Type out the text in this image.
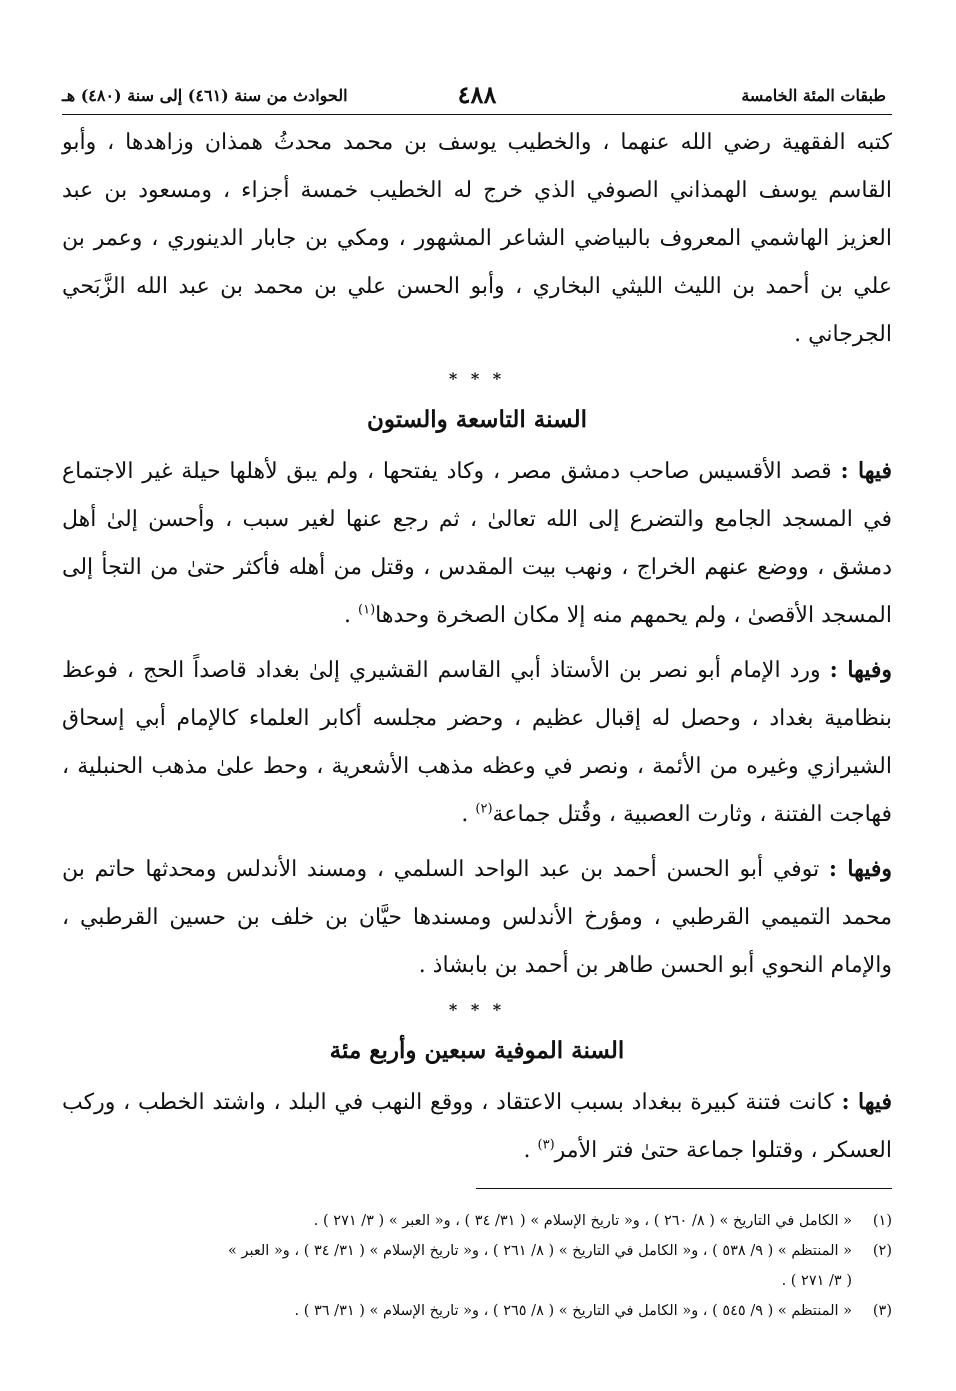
طبقات المئة الخامسة
٤٨٨
الحوادث من سنة (٤٦١) إلى سنة (٤٨٠) هـ

كتبه الفقهية رضي الله عنهما ، والخطيب يوسف بن محمد محدثُ همذان وزاهدها ، وأبو القاسم يوسف الهمذاني الصوفي الذي خرج له الخطيب خمسة أجزاء ، ومسعود بن عبد العزيز الهاشمي المعروف بالبياضي الشاعر المشهور ، ومكي بن جابار الدينوري ، وعمر بن علي بن أحمد بن الليث الليثي البخاري ، وأبو الحسن علي بن محمد بن عبد الله الزَّبَحي الجرجاني .

* * *
السنة التاسعة والستون

فيها : قصد الأقسيس صاحب دمشق مصر ، وكاد يفتحها ، ولم يبق لأهلها حيلة غير الاجتماع في المسجد الجامع والتضرع إلى الله تعالىٰ ، ثم رجع عنها لغير سبب ، وأحسن إلىٰ أهل دمشق ، ووضع عنهم الخراج ، ونهب بيت المقدس ، وقتل من أهله فأكثر حتىٰ من التجأ إلى المسجد الأقصىٰ ، ولم يحمهم منه إلا مكان الصخرة وحدها$^{(١)}$ .

وفيها : ورد الإمام أبو نصر بن الأستاذ أبي القاسم القشيري إلىٰ بغداد قاصداً الحج ، فوعظ بنظامية بغداد ، وحصل له إقبال عظيم ، وحضر مجلسه أكابر العلماء كالإمام أبي إسحاق الشيرازي وغيره من الأئمة ، ونصر في وعظه مذهب الأشعرية ، وحط علىٰ مذهب الحنبلية ، فهاجت الفتنة ، وثارت العصبية ، وقُتل جماعة$^{(٢)}$ .

وفيها : توفي أبو الحسن أحمد بن عبد الواحد السلمي ، ومسند الأندلس ومحدثها حاتم بن محمد التميمي القرطبي ، ومؤرخ الأندلس ومسندها حيَّان بن خلف بن حسين القرطبي ، والإمام النحوي أبو الحسن طاهر بن أحمد بن بابشاذ .

* * *
السنة الموفية سبعين وأربع مئة

فيها : كانت فتنة كبيرة ببغداد بسبب الاعتقاد ، ووقع النهب في البلد ، واشتد الخطب ، وركب العسكر ، وقتلوا جماعة حتىٰ فتر الأمر$^{(٣)}$ .

(١)
« الكامل في التاريخ » ( ٨/ ٢٦٠ ) ، و« تاريخ الإسلام » ( ٣١/ ٣٤ ) ، و« العبر » ( ٣/ ٢٧١ ) .
(٢)
« المنتظم » ( ٩/ ٥٣٨ ) ، و« الكامل في التاريخ » ( ٨/ ٢٦١ ) ، و« تاريخ الإسلام » ( ٣١/ ٣٤ ) ، و« العبر »
( ٣/ ٢٧١ ) .
(٣)
« المنتظم » ( ٩/ ٥٤٥ ) ، و« الكامل في التاريخ » ( ٨/ ٢٦٥ ) ، و« تاريخ الإسلام » ( ٣١/ ٣٦ ) .
